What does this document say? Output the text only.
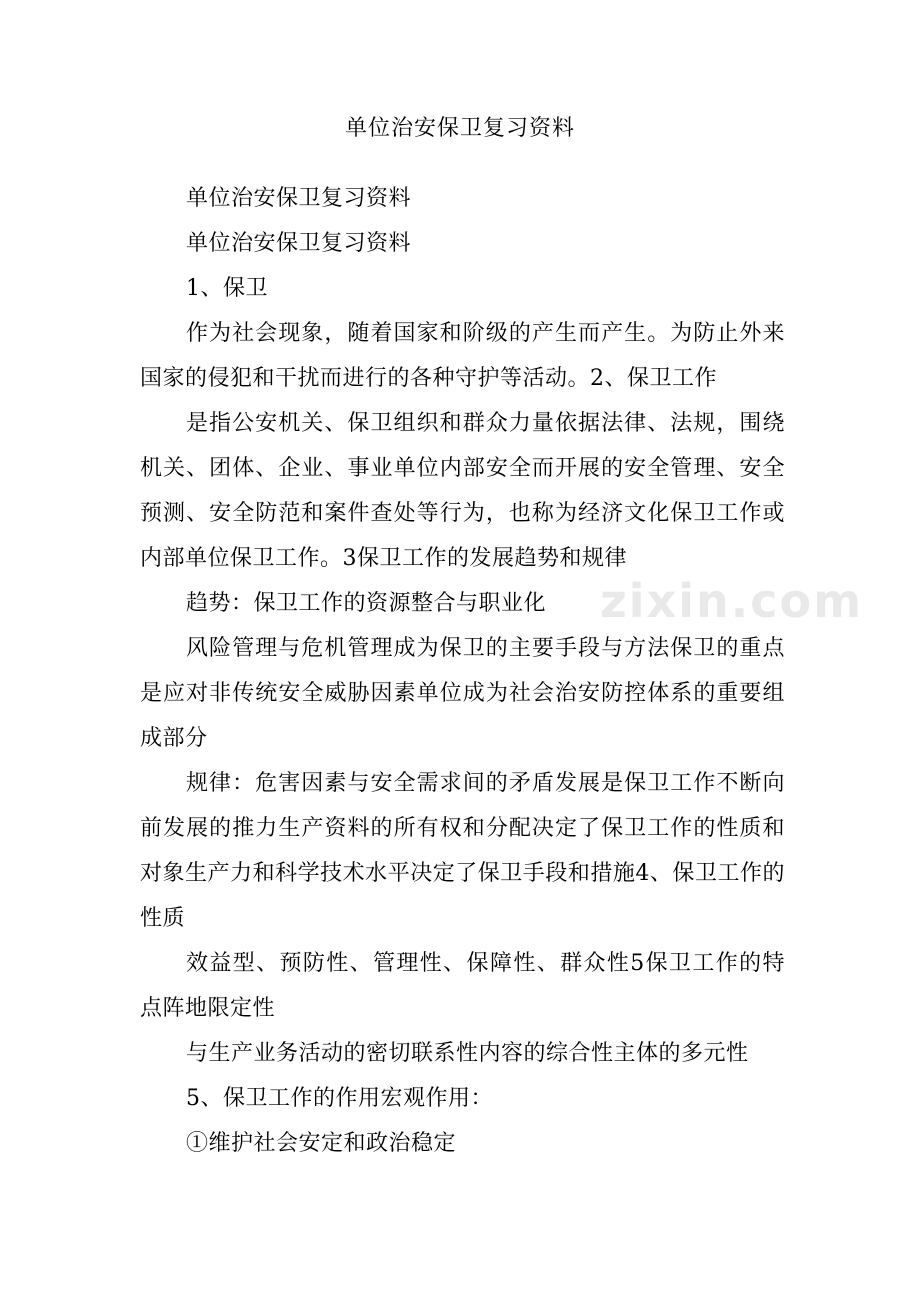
单位治安保卫复习资料
zixin.com

单位治安保卫复习资料

单位治安保卫复习资料

1、保卫

作为社会现象，随着国家和阶级的产生而产生。为防止外来国家的侵犯和干扰而进行的各种守护等活动。2、保卫工作

是指公安机关、保卫组织和群众力量依据法律、法规，围绕机关、团体、企业、事业单位内部安全而开展的安全管理、安全预测、安全防范和案件查处等行为，也称为经济文化保卫工作或内部单位保卫工作。3保卫工作的发展趋势和规律

趋势：保卫工作的资源整合与职业化

风险管理与危机管理成为保卫的主要手段与方法保卫的重点是应对非传统安全威胁因素单位成为社会治安防控体系的重要组成部分

规律：危害因素与安全需求间的矛盾发展是保卫工作不断向前发展的推力生产资料的所有权和分配决定了保卫工作的性质和对象生产力和科学技术水平决定了保卫手段和措施4、保卫工作的性质

效益型、预防性、管理性、保障性、群众性5保卫工作的特点阵地限定性

与生产业务活动的密切联系性内容的综合性主体的多元性

5、保卫工作的作用宏观作用：

①维护社会安定和政治稳定
